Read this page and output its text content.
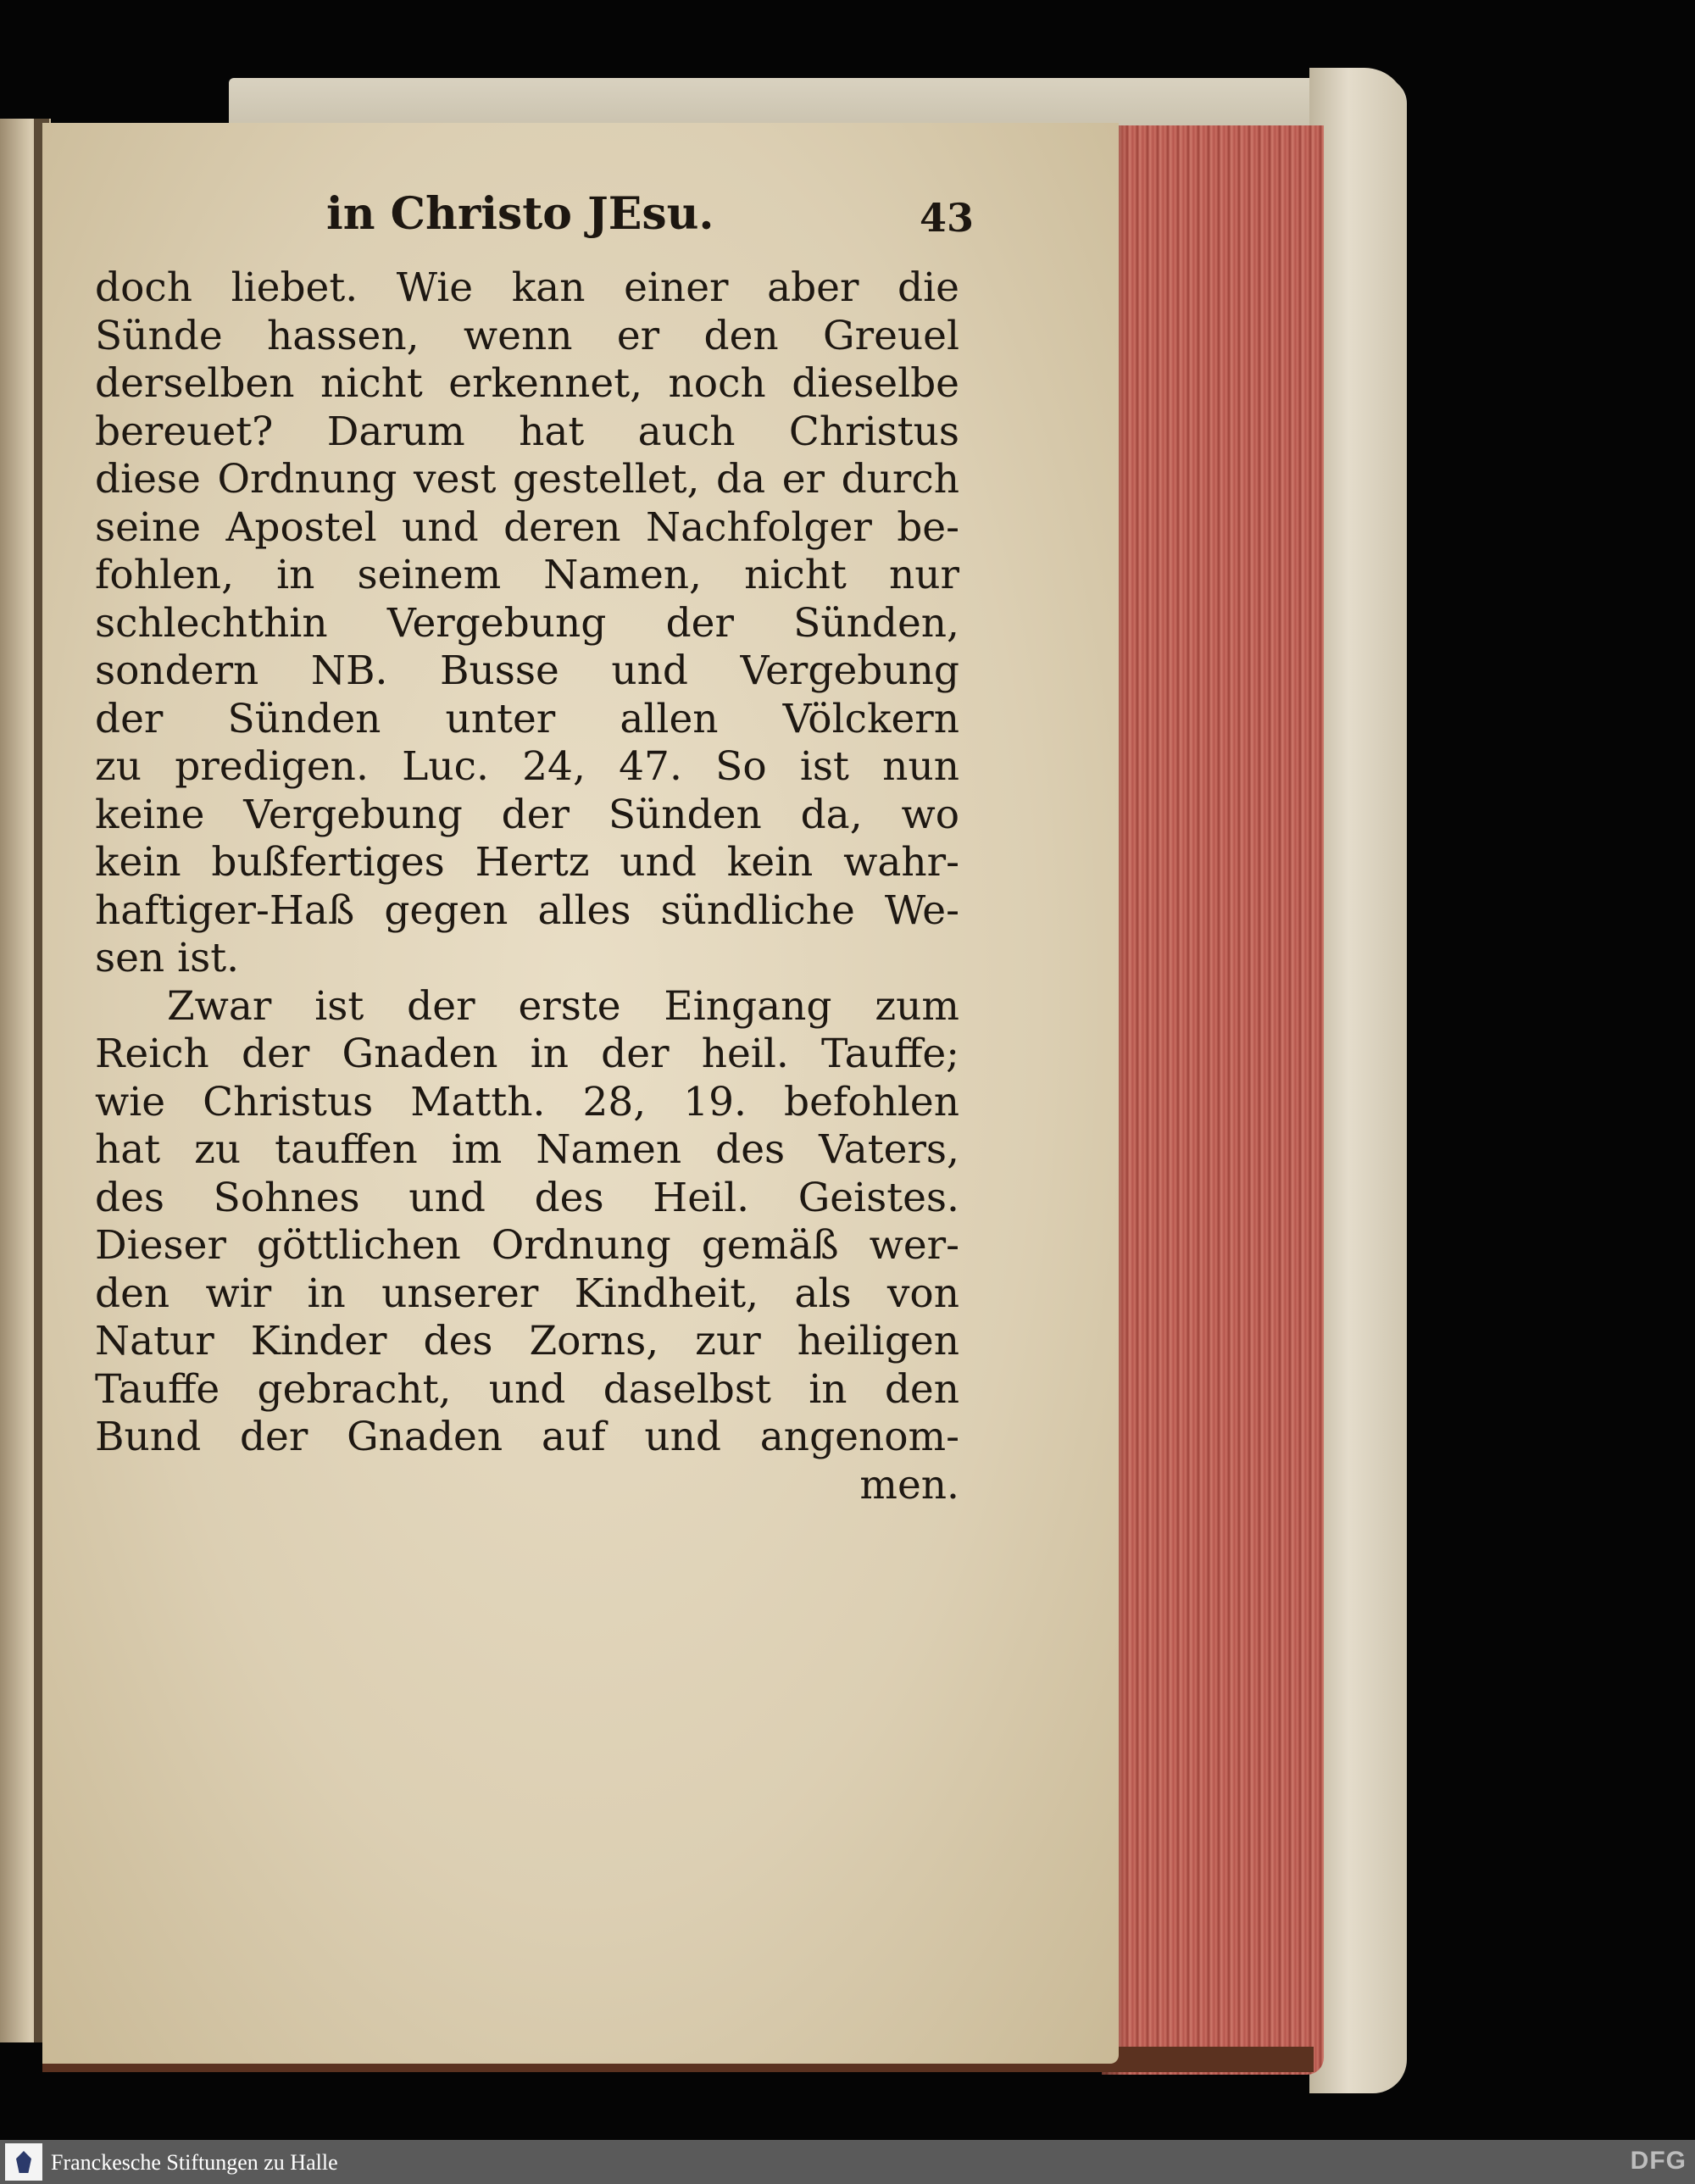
in Christo JEsu.	43
doch liebet. Wie kan einer aber die
Sünde hassen, wenn er den Greuel
derselben nicht erkennet, noch dieselbe
bereuet? Darum hat auch Christus
diese Ordnung vest gestellet, da er durch
seine Apostel und deren Nachfolger be-
fohlen, in seinem Namen, nicht nur
schlechthin Vergebung der Sünden,
sondern NB. Busse und Vergebung
der Sünden unter allen Völckern
zu predigen. Luc. 24, 47. So ist nun
keine Vergebung der Sünden da, wo
kein bußfertiges Hertz und kein wahr-
haftiger-Haß gegen alles sündliche We-
sen ist.
Zwar ist der erste Eingang zum
Reich der Gnaden in der heil. Tauffe;
wie Christus Matth. 28, 19. befohlen
hat zu tauffen im Namen des Vaters,
des Sohnes und des Heil. Geistes.
Dieser göttlichen Ordnung gemäß wer-
den wir in unserer Kindheit, als von
Natur Kinder des Zorns, zur heiligen
Tauffe gebracht, und daselbst in den
Bund der Gnaden auf und angenom-
men.
Franckesche Stiftungen zu Halle	DFG
